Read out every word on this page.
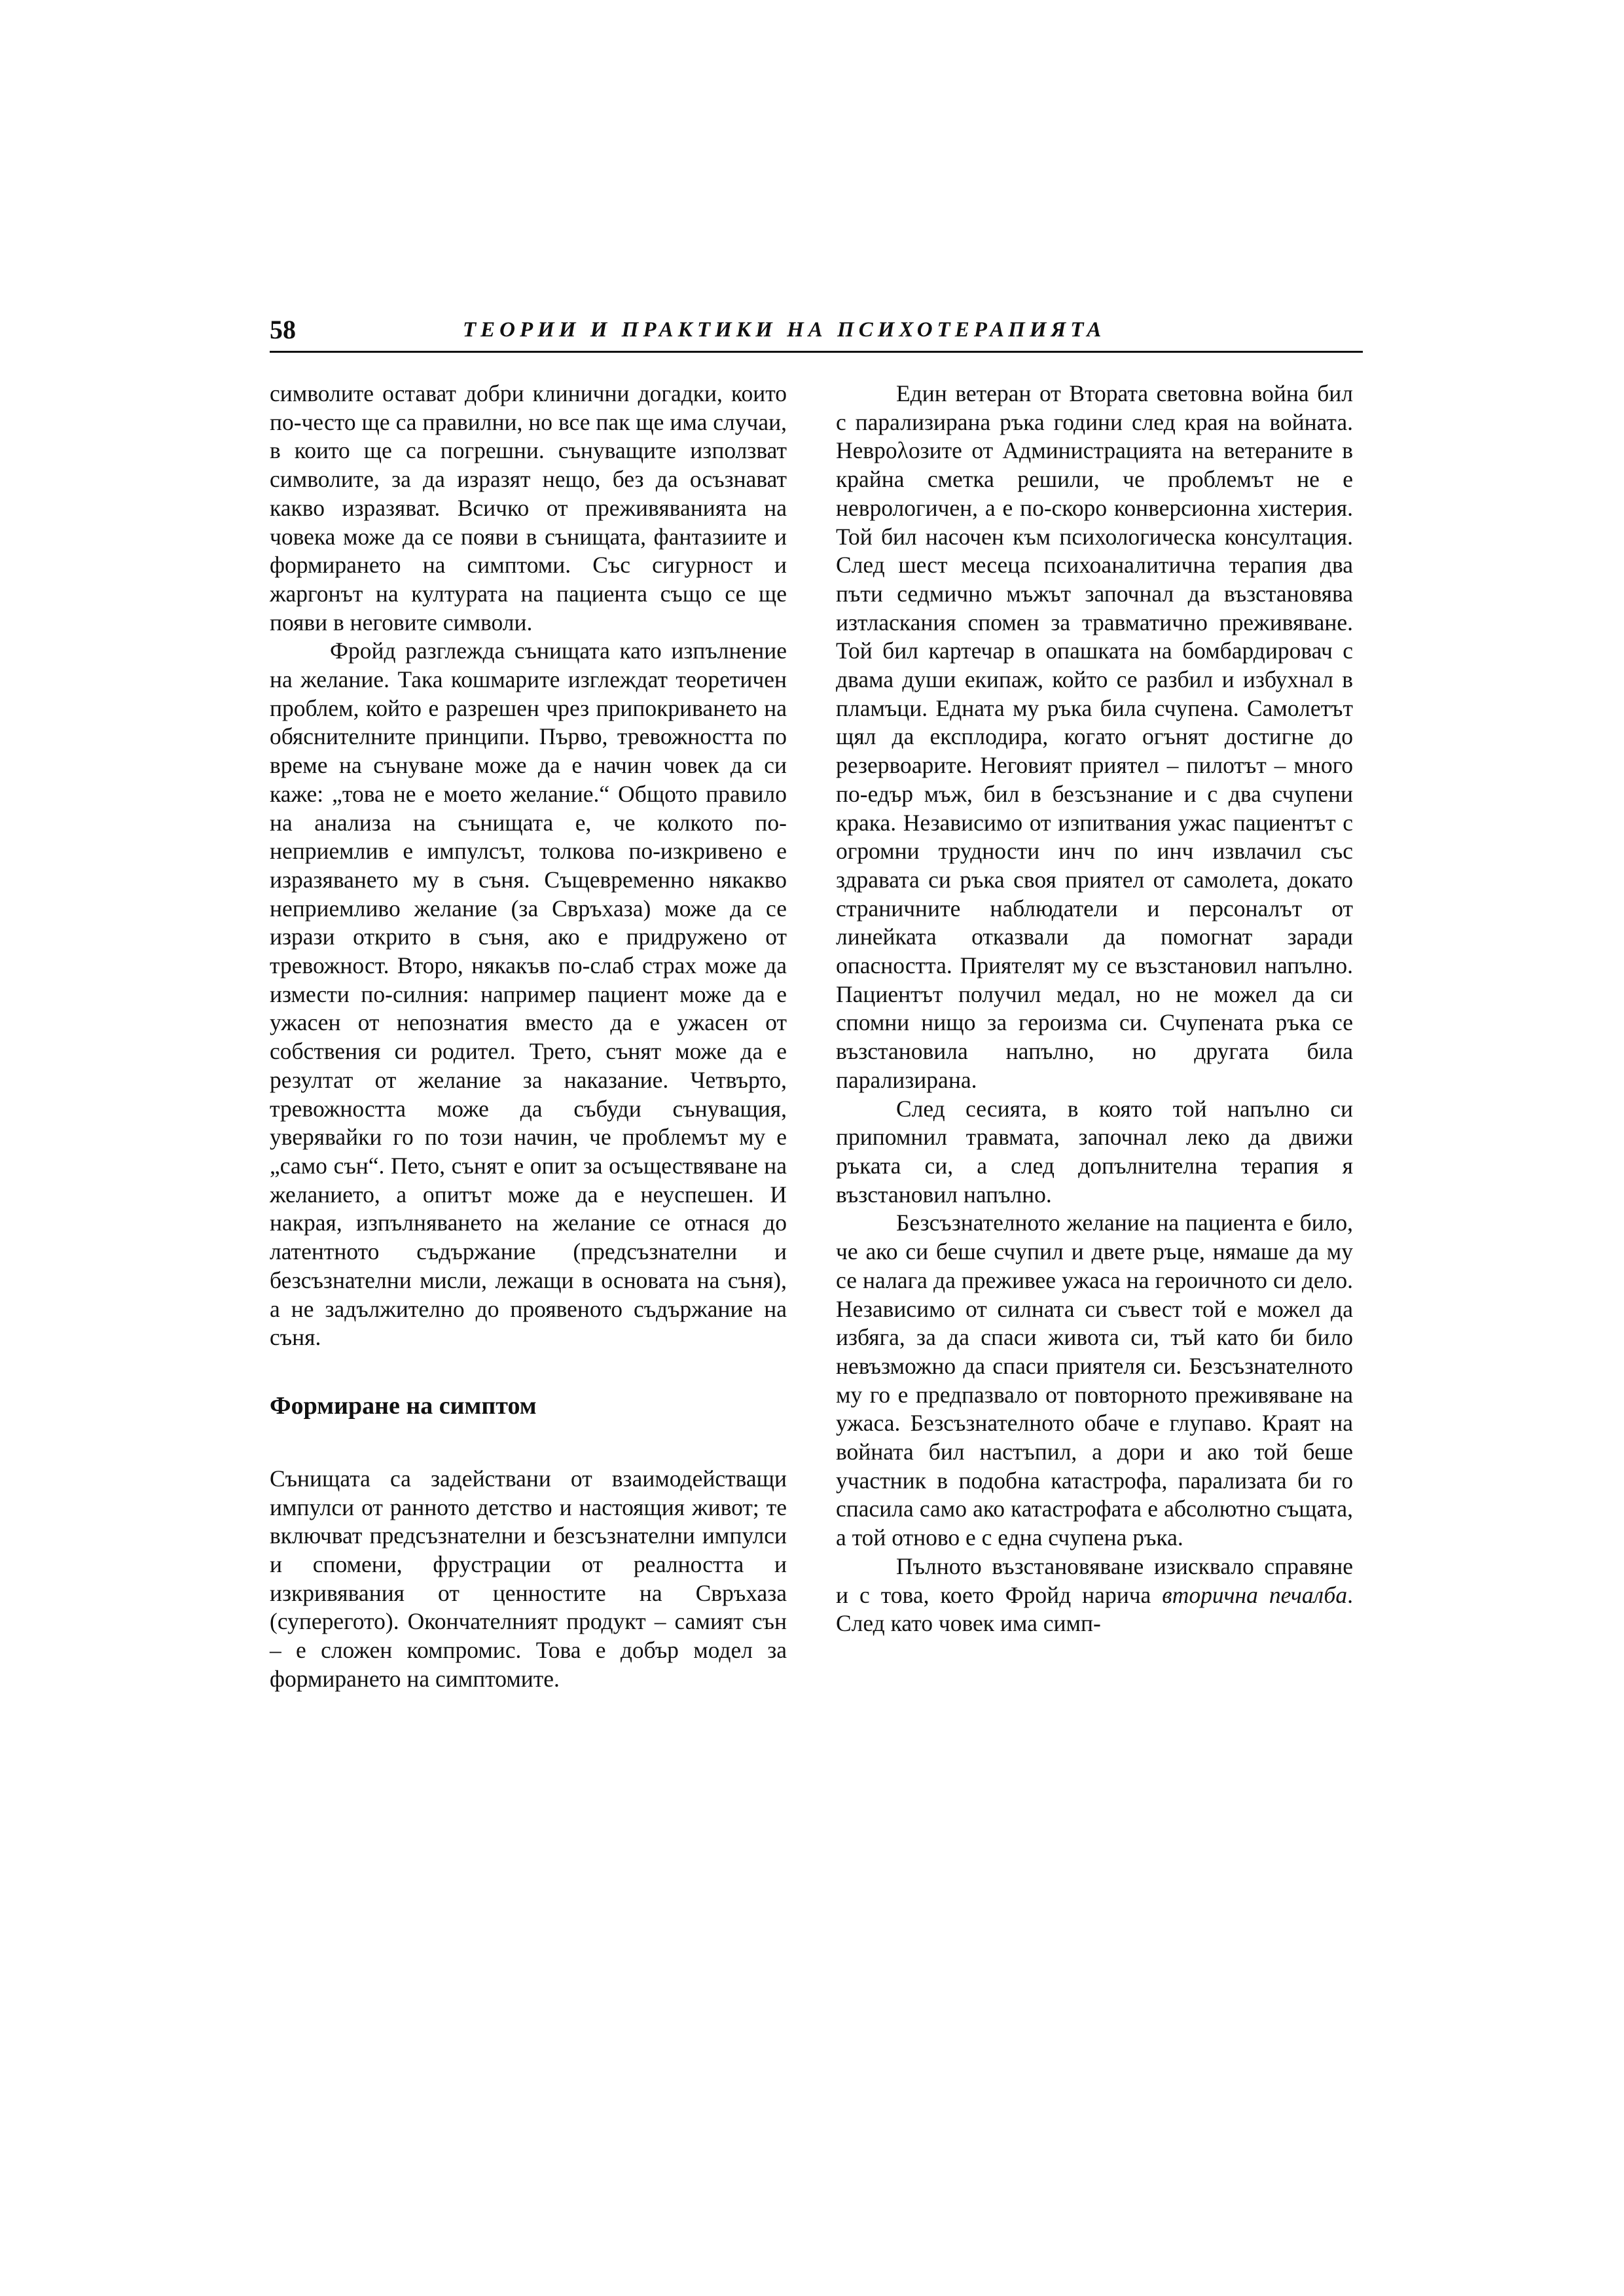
58	ТЕОРИИ И ПРАКТИКИ НА ПСИХОТЕРАПИЯТА

символите остават добри клинични догадки, които по-често ще са правилни, но все пак ще има случаи, в които ще са погрешни. сънуващите използват символите, за да изразят нещо, без да осъзнават какво изразяват. Всичко от преживяванията на човека може да се появи в сънищата, фантазиите и формирането на симптоми. Със сигурност и жаргонът на културата на пациента също се ще появи в неговите символи.

Фройд разглежда сънищата като изпълнение на желание. Така кошмарите изглеждат теоретичен проблем, който е разрешен чрез припокриването на обяснителните принципи. Първо, тревожността по време на сънуване може да е начин човек да си каже: „това не е моето желание.“ Общото правило на анализа на сънищата е, че колкото по-неприемлив е импулсът, толкова по-изкривено е изразяването му в съня. Същевременно някакво неприемливо желание (за Свръхаза) може да се изрази открито в съня, ако е придружено от тревожност. Второ, някакъв по-слаб страх може да измести по-силния: например пациент може да е ужасен от непознатия вместо да е ужасен от собствения си родител. Трето, сънят може да е резултат от желание за наказание. Четвърто, тревожността може да събуди сънуващия, уверявайки го по този начин, че проблемът му е „само сън“. Пето, сънят е опит за осъществяване на желанието, а опитът може да е неуспешен. И накрая, изпълняването на желание се отнася до латентното съдържание (предсъзнателни и безсъзнателни мисли, лежащи в основата на съня), а не задължително до проявеното съдържание на съня.

Формиране на симптом

Сънищата са задействани от взаимодействащи импулси от ранното детство и настоящия живот; те включват предсъзнателни и безсъзнателни импулси и спомени, фрустрации от реалността и изкривявания от ценностите на Свръхаза (суперегото). Окончателният продукт – самият сън – е сложен компромис. Това е добър модел за формирането на симптомите.

Един ветеран от Втората световна война бил с парализирана ръка години след края на войната. Неврολозите от Администрацията на ветераните в крайна сметка решили, че проблемът не е неврологичен, а е по-скоро конверсионна хистерия. Той бил насочен към психологическа консултация. След шест месеца психоаналитична терапия два пъти седмично мъжът започнал да възстановява изтласкания спомен за травматично преживяване. Той бил картечар в опашката на бомбардировач с двама души екипаж, който се разбил и избухнал в пламъци. Едната му ръка била счупена. Самолетът щял да експлодира, когато огънят достигне до резервоарите. Неговият приятел – пилотът – много по-едър мъж, бил в безсъзнание и с два счупени крака. Независимо от изпитвания ужас пациентът с огромни трудности инч по инч извлачил със здравата си ръка своя приятел от самолета, докато страничните наблюдатели и персоналът от линейката отказвали да помогнат заради опасността. Приятелят му се възстановил напълно. Пациентът получил медал, но не можел да си спомни нищо за героизма си. Счупената ръка се възстановила напълно, но другата била парализирана.

След сесията, в която той напълно си припомнил травмата, започнал леко да движи ръката си, а след допълнителна терапия я възстановил напълно.

Безсъзнателното желание на пациента е било, че ако си беше счупил и двете ръце, нямаше да му се налага да преживее ужаса на героичното си дело. Независимо от силната си съвест той е можел да избяга, за да спаси живота си, тъй като би било невъзможно да спаси приятеля си. Безсъзнателното му го е предпазвало от повторното преживяване на ужаса. Безсъзнателното обаче е глупаво. Краят на войната бил настъпил, а дори и ако той беше участник в подобна катастрофа, парализата би го спасила само ако катастрофата е абсолютно същата, а той отново е с една счупена ръка.

Пълното възстановяване изисквало справяне и с това, което Фройд нарича вторична печалба. След като човек има симп-
